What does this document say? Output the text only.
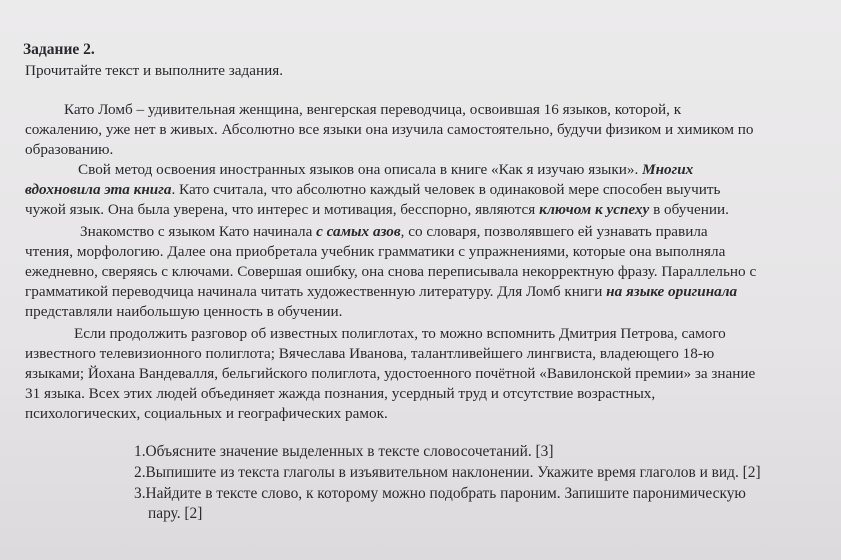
Задание 2.
Прочитайте текст и выполните задания.
Като Ломб – удивительная женщина, венгерская переводчица, освоившая 16 языков, которой, к
сожалению, уже нет в живых. Абсолютно все языки она изучила самостоятельно, будучи физиком и химиком по
образованию.
Свой метод освоения иностранных языков она описала в книге «Как я изучаю языки». Многих
вдохновила эта книга. Като считала, что абсолютно каждый человек в одинаковой мере способен выучить
чужой язык. Она была уверена, что интерес и мотивация, бесспорно, являются ключом к успеху в обучении.
Знакомство с языком Като начинала с самых азов, со словаря, позволявшего ей узнавать правила
чтения, морфологию. Далее она приобретала учебник грамматики с упражнениями, которые она выполняла
ежедневно, сверяясь с ключами. Совершая ошибку, она снова переписывала некорректную фразу. Параллельно с
грамматикой переводчица начинала читать художественную литературу. Для Ломб книги на языке оригинала
представляли наибольшую ценность в обучении.
Если продолжить разговор об известных полиглотах, то можно вспомнить Дмитрия Петрова, самого
известного телевизионного полиглота; Вячеслава Иванова, талантливейшего лингвиста, владеющего 18-ю
языками; Йохана Вандевалля, бельгийского полиглота, удостоенного почётной «Вавилонской премии» за знание
31 языка. Всех этих людей объединяет жажда познания, усердный труд и отсутствие возрастных,
психологических, социальных и географических рамок.
1.Объясните значение выделенных в тексте словосочетаний. [3]
2.Выпишите из текста глаголы в изъявительном наклонении. Укажите время глаголов и вид. [2]
3.Найдите в тексте слово, к которому можно подобрать пароним. Запишите паронимическую
пару. [2]
